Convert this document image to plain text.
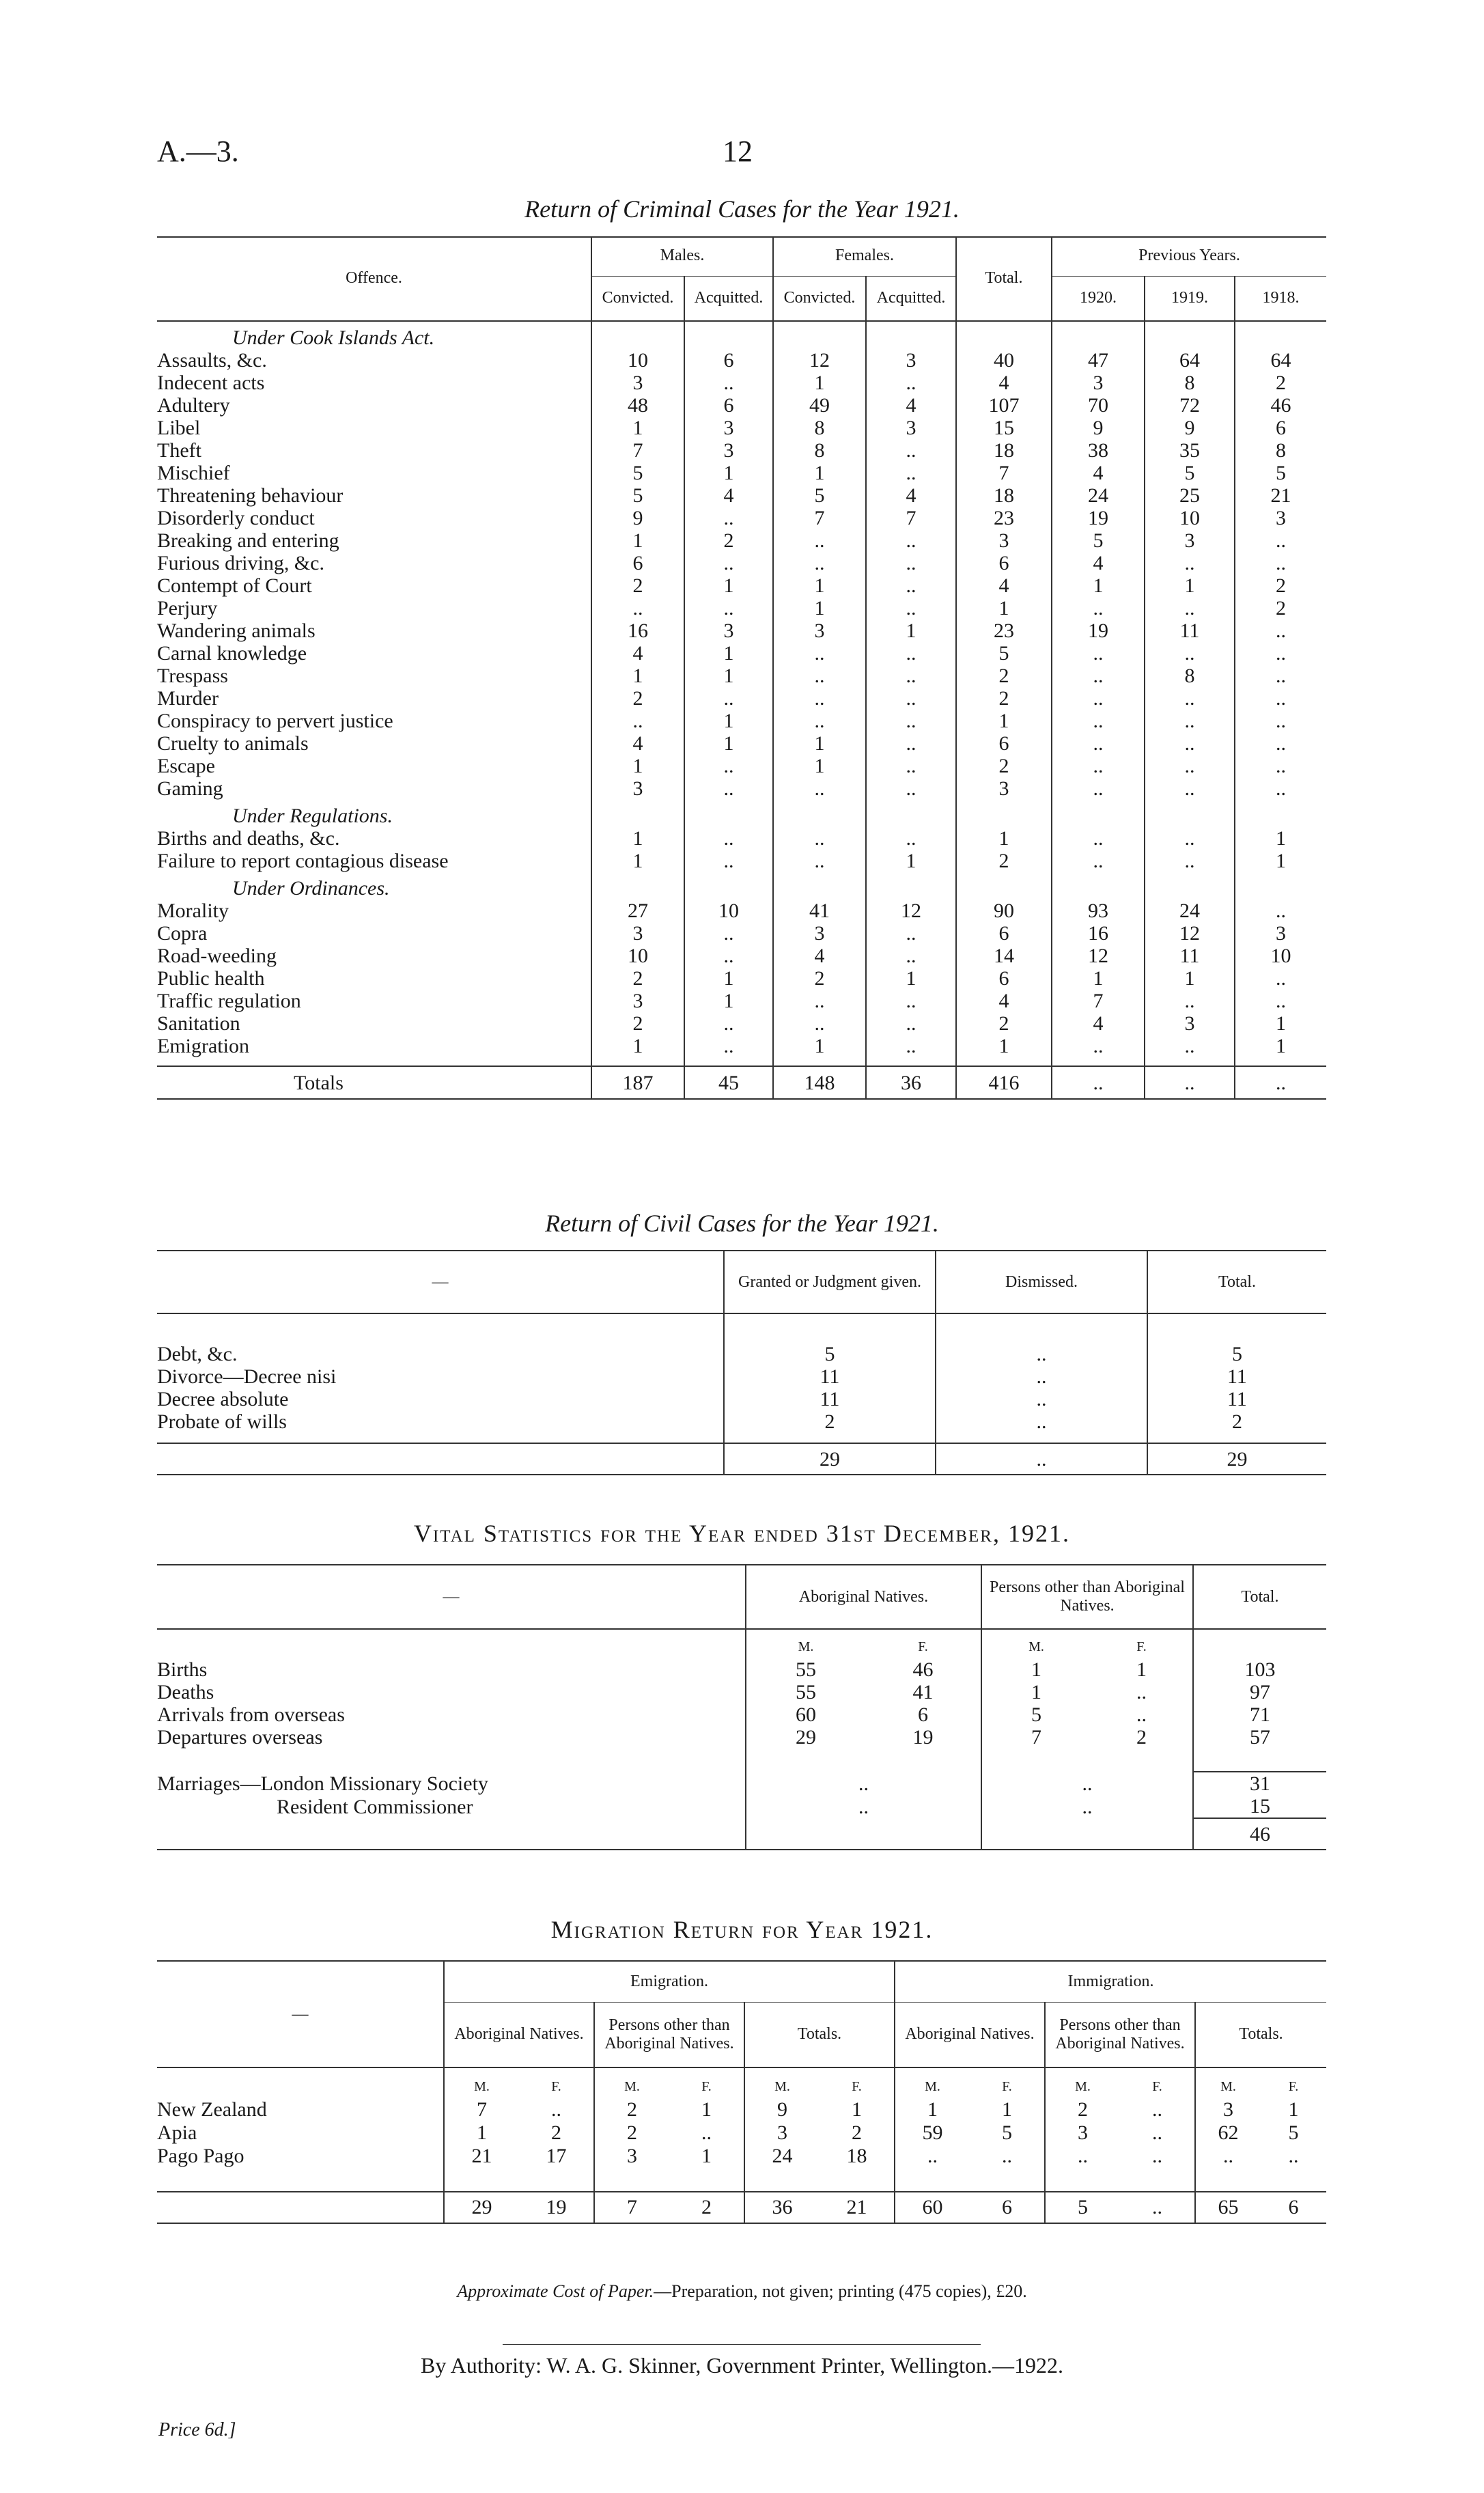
A.—3.	12
Return of Criminal Cases for the Year 1921.
Offence.	Males.		Females.		Total.	Previous Years.		
	Convicted.	Acquitted.	Convicted.	Acquitted.		1920.	1919.	1918.
Under Cook Islands Act.								
Assaults, &c.	10	6	12	3	40	47	64	64
Indecent acts	3	..	1	..	4	3	8	2
Adultery	48	6	49	4	107	70	72	46
Libel	1	3	8	3	15	9	9	6
Theft	7	3	8	..	18	38	35	8
Mischief	5	1	1	..	7	4	5	5
Threatening behaviour	5	4	5	4	18	24	25	21
Disorderly conduct	9	..	7	7	23	19	10	3
Breaking and entering	1	2	..	..	3	5	3	..
Furious driving, &c.	6	..	..	..	6	4	..	..
Contempt of Court	2	1	1	..	4	1	1	2
Perjury	..	..	1	..	1	..	..	2
Wandering animals	16	3	3	1	23	19	11	..
Carnal knowledge	4	1	..	..	5	..	..	..
Trespass	1	1	..	..	2	..	8	..
Murder	2	..	..	..	2	..	..	..
Conspiracy to pervert justice	..	1	..	..	1	..	..	..
Cruelty to animals	4	1	1	..	6	..	..	..
Escape	1	..	1	..	2	..	..	..
Gaming	3	..	..	..	3	..	..	..
Under Regulations.								
Births and deaths, &c.	1	..	..	..	1	..	..	1
Failure to report contagious disease	1	..	..	1	2	..	..	1
Under Ordinances.								
Morality	27	10	41	12	90	93	24	..
Copra	3	..	3	..	6	16	12	3
Road-weeding	10	..	4	..	14	12	11	10
Public health	2	1	2	1	6	1	1	..
Traffic regulation	3	1	..	..	4	7	..	..
Sanitation	2	..	..	..	2	4	3	1
Emigration	1	..	1	..	1	..	..	1

Totals	187	45	148	36	416	..	..	..
Return of Civil Cases for the Year 1921.
—	Granted or Judgment given.	Dismissed.	Total.

Debt, &c.	5	..	5
Divorce—Decree nisi	11	..	11
Decree absolute	11	..	11
Probate of wills	2	..	2

	29	..	29
Vital Statistics for the Year ended 31st December, 1921.
—	Aboriginal Natives.		Persons other than Aboriginal Natives.		Total.
	M.	F.	M.	F.	
Births	55	46	1	1	103
Deaths	55	41	1	..	97
Arrivals from overseas	60	6	5	..	71
Departures overseas	29	19	7	2	57

Marriages—London Missionary Society	..		..		31
Resident Commissioner	..		..		15
					46
Migration Return for Year 1921.
—	Emigration.						Immigration.					
	Aboriginal Natives.		Persons other than Aboriginal Natives.		Totals.		Aboriginal Natives.		Persons other than Aboriginal Natives.		Totals.	
	M.	F.	M.	F.	M.	F.	M.	F.	M.	F.	M.	F.
New Zealand	7	..	2	1	9	1	1	1	2	..	3	1
Apia	1	2	2	..	3	2	59	5	3	..	62	5
Pago Pago	21	17	3	1	24	18	..	..	..	..	..	..

	29	19	7	2	36	21	60	6	5	..	65	6
Approximate Cost of Paper.—Preparation, not given; printing (475 copies), £20.
By Authority: W. A. G. Skinner, Government Printer, Wellington.—1922.
Price 6d.]
